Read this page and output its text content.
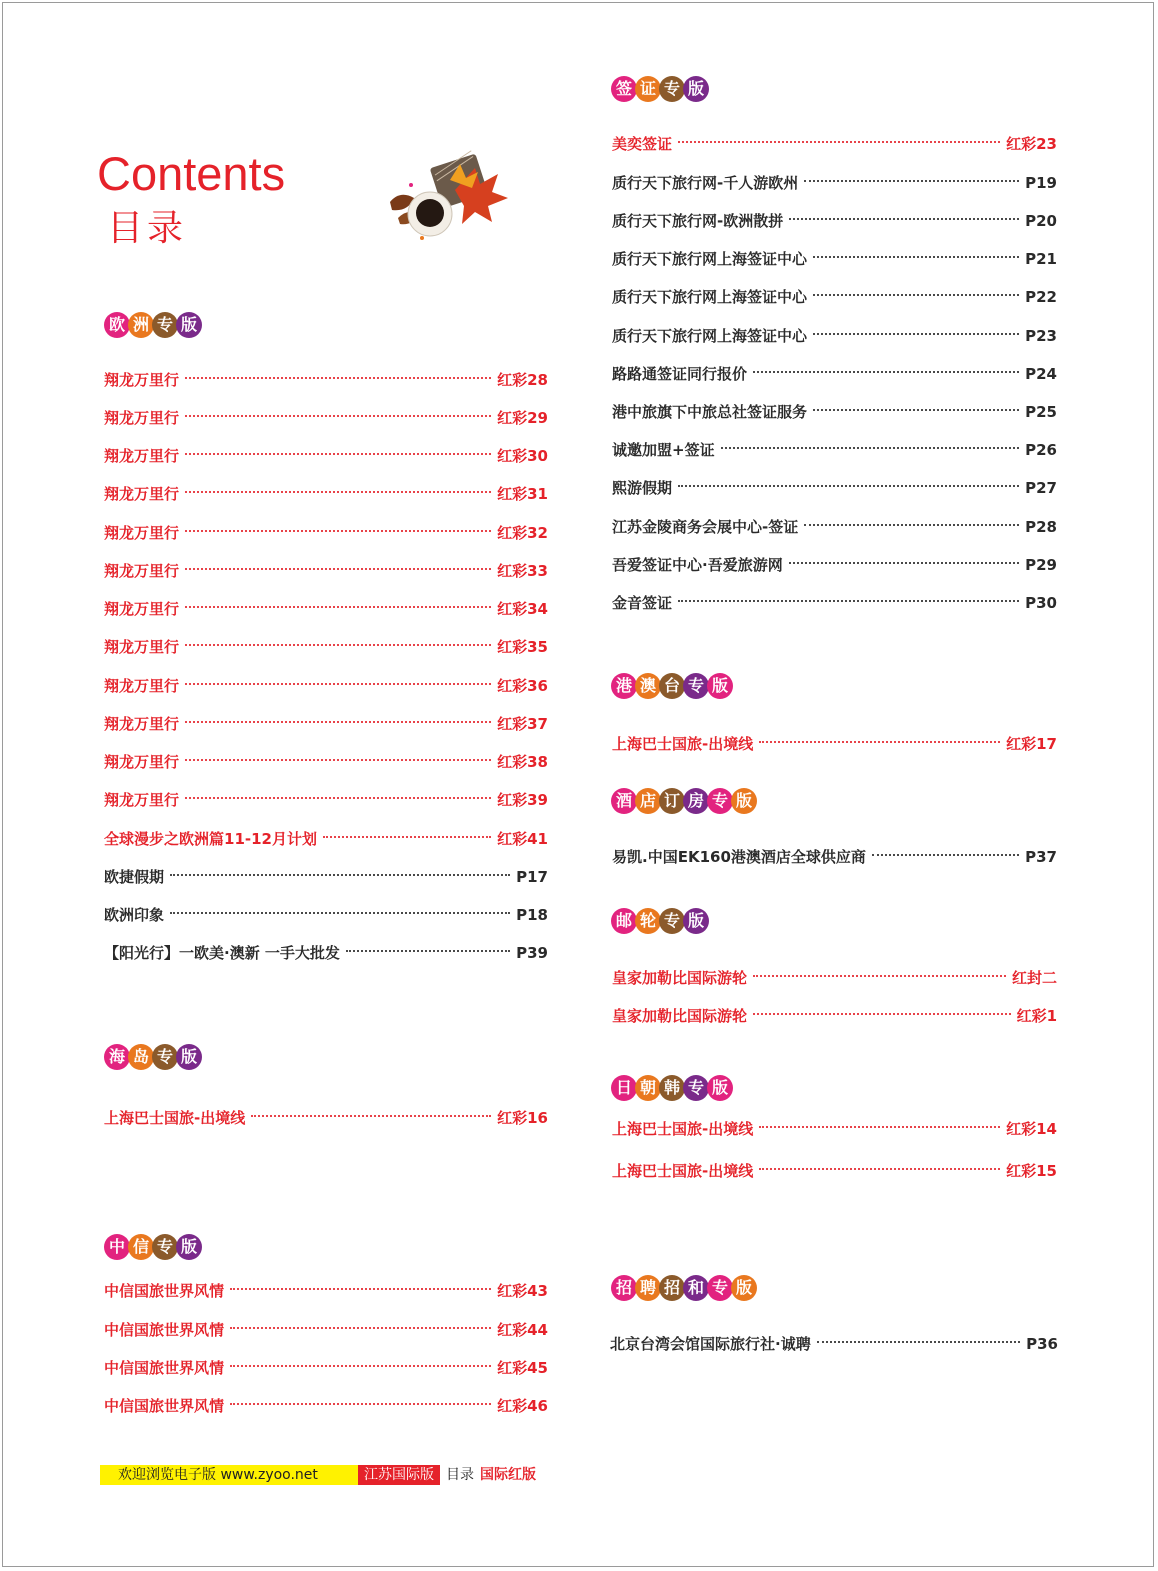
Contents
目录
欧 洲 专 版
翔龙万里行	红彩28
翔龙万里行	红彩29
翔龙万里行	红彩30
翔龙万里行	红彩31
翔龙万里行	红彩32
翔龙万里行	红彩33
翔龙万里行	红彩34
翔龙万里行	红彩35
翔龙万里行	红彩36
翔龙万里行	红彩37
翔龙万里行	红彩38
翔龙万里行	红彩39
全球漫步之欧洲篇11-12月计划	红彩41
欧捷假期	P17
欧洲印象	P18
【阳光行】一欧美·澳新 一手大批发	P39
海 岛 专 版
上海巴士国旅-出境线	红彩16
中 信 专 版
中信国旅世界风情	红彩43
中信国旅世界风情	红彩44
中信国旅世界风情	红彩45
中信国旅世界风情	红彩46
签 证 专 版
美奕签证	红彩23
质行天下旅行网-千人游欧州	P19
质行天下旅行网-欧洲散拼	P20
质行天下旅行网上海签证中心	P21
质行天下旅行网上海签证中心	P22
质行天下旅行网上海签证中心	P23
路路通签证同行报价	P24
港中旅旗下中旅总社签证服务	P25
诚邀加盟+签证	P26
熙游假期	P27
江苏金陵商务会展中心-签证	P28
吾爱签证中心·吾爱旅游网	P29
金音签证	P30
港 澳 台 专 版
上海巴士国旅-出境线	红彩17
酒 店 订 房 专 版
易凯.中国EK160港澳酒店全球供应商	P37
邮 轮 专 版
皇家加勒比国际游轮	红封二
皇家加勒比国际游轮	红彩1
日 朝 韩 专 版
上海巴士国旅-出境线	红彩14
上海巴士国旅-出境线	红彩15
招 聘 招 和 专 版
北京台湾会馆国际旅行社·诚聘	P36
欢迎浏览电子版 www.zyoo.net	江苏国际版 目录 国际红版
